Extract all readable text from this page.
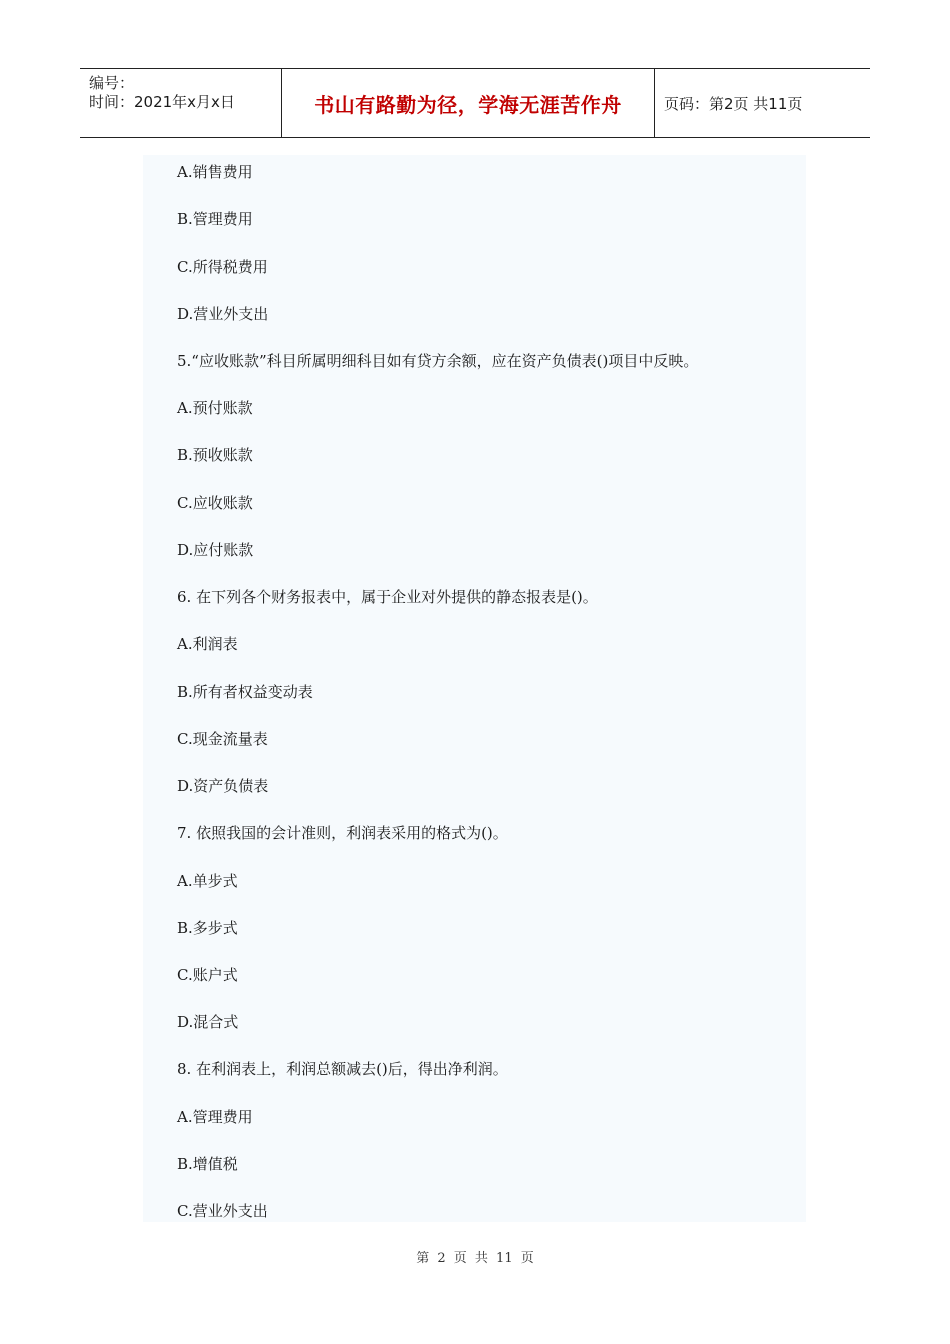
编号：
时间：2021年x月x日	书山有路勤为径，学海无涯苦作舟	页码：第2页 共11页
A.销售费用
B.管理费用
C.所得税费用
D.营业外支出
5.“应收账款”科目所属明细科目如有贷方余额，应在资产负债表()项目中反映。
A.预付账款
B.预收账款
C.应收账款
D.应付账款
6. 在下列各个财务报表中，属于企业对外提供的静态报表是()。
A.利润表
B.所有者权益变动表
C.现金流量表
D.资产负债表
7. 依照我国的会计准则，利润表采用的格式为()。
A.单步式
B.多步式
C.账户式
D.混合式
8. 在利润表上，利润总额减去()后，得出净利润。
A.管理费用
B.增值税
C.营业外支出
第 2 页 共 11 页
